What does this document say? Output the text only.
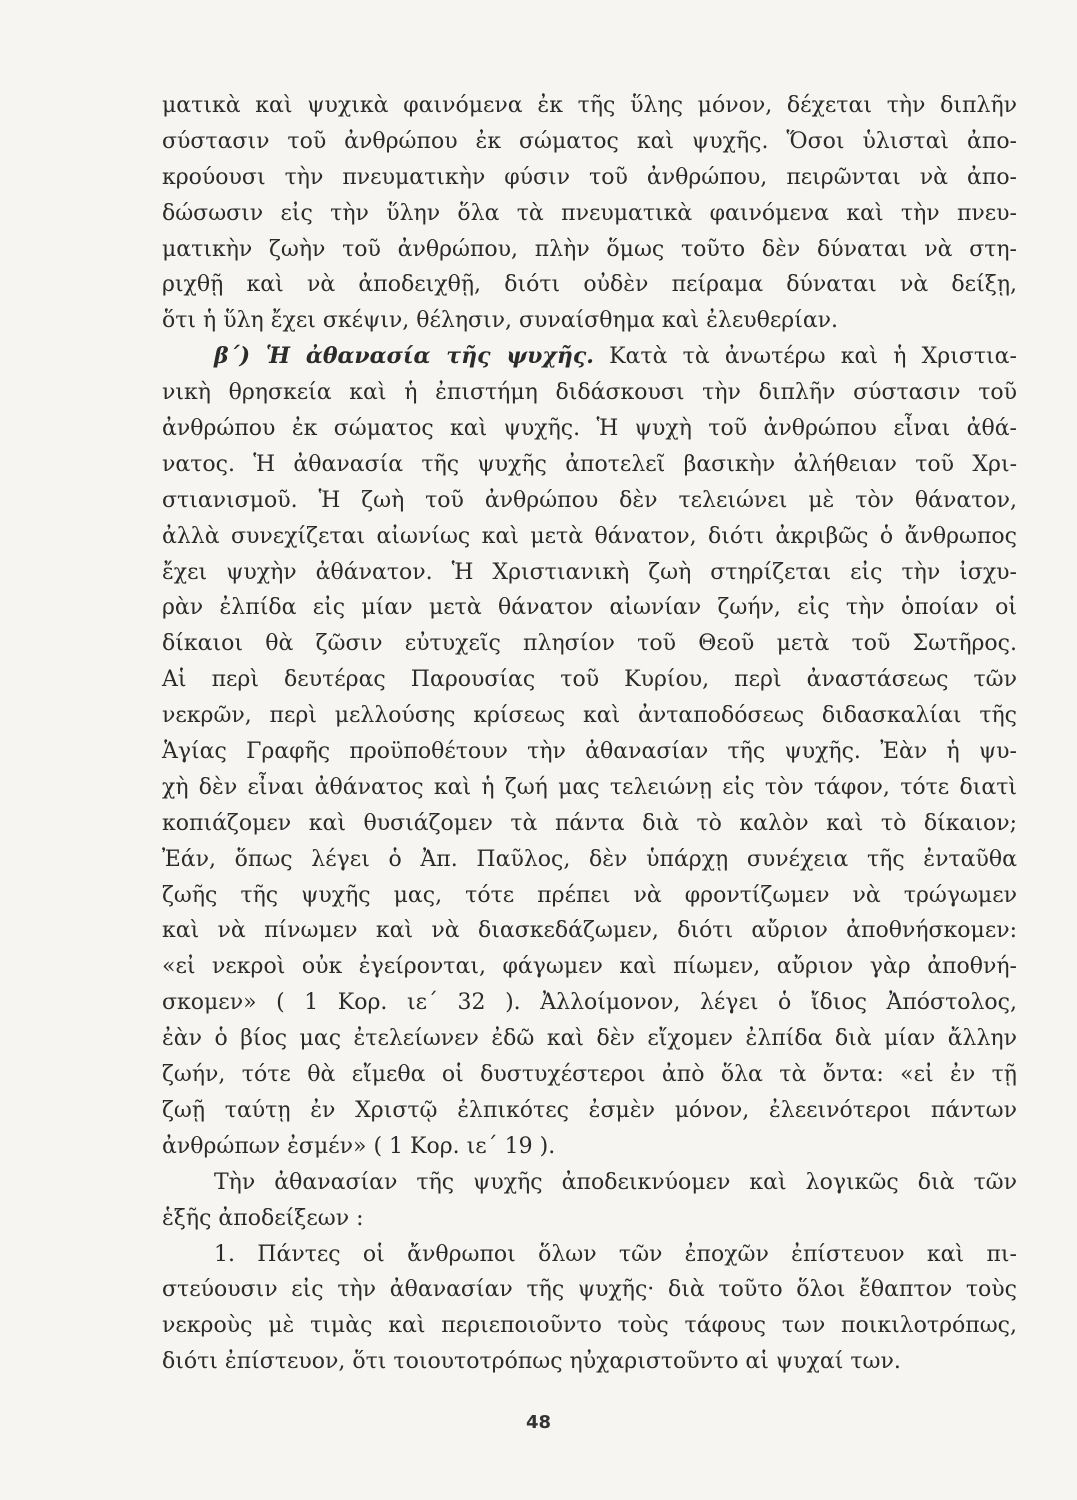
ματικὰ καὶ ψυχικὰ φαινόμενα ἐκ τῆς ὕλης μόνον, δέχεται τὴν διπλῆν
σύστασιν τοῦ ἀνθρώπου ἐκ σώματος καὶ ψυχῆς. Ὅσοι ὑλισταὶ ἀπο-
κρούουσι τὴν πνευματικὴν φύσιν τοῦ ἀνθρώπου, πειρῶνται νὰ ἀπο-
δώσωσιν εἰς τὴν ὕλην ὅλα τὰ πνευματικὰ φαινόμενα καὶ τὴν πνευ-
ματικὴν ζωὴν τοῦ ἀνθρώπου, πλὴν ὅμως τοῦτο δὲν δύναται νὰ στη-
ριχθῇ καὶ νὰ ἀποδειχθῇ, διότι οὐδὲν πείραμα δύναται νὰ δείξῃ,
ὅτι ἡ ὕλη ἔχει σκέψιν, θέλησιν, συναίσθημα καὶ ἐλευθερίαν.
β΄) Ἡ ἀθανασία τῆς ψυχῆς. Κατὰ τὰ ἀνωτέρω καὶ ἡ Χριστια-
νικὴ θρησκεία καὶ ἡ ἐπιστήμη διδάσκουσι τὴν διπλῆν σύστασιν τοῦ
ἀνθρώπου ἐκ σώματος καὶ ψυχῆς. Ἡ ψυχὴ τοῦ ἀνθρώπου εἶναι ἀθά-
νατος. Ἡ ἀθανασία τῆς ψυχῆς ἀποτελεῖ βασικὴν ἀλήθειαν τοῦ Χρι-
στιανισμοῦ. Ἡ ζωὴ τοῦ ἀνθρώπου δὲν τελειώνει μὲ τὸν θάνατον,
ἀλλὰ συνεχίζεται αἰωνίως καὶ μετὰ θάνατον, διότι ἀκριβῶς ὁ ἄνθρωπος
ἔχει ψυχὴν ἀθάνατον. Ἡ Χριστιανικὴ ζωὴ στηρίζεται εἰς τὴν ἰσχυ-
ρὰν ἐλπίδα εἰς μίαν μετὰ θάνατον αἰωνίαν ζωήν, εἰς τὴν ὁποίαν οἱ
δίκαιοι θὰ ζῶσιν εὐτυχεῖς πλησίον τοῦ Θεοῦ μετὰ τοῦ Σωτῆρος.
Αἱ περὶ δευτέρας Παρουσίας τοῦ Κυρίου, περὶ ἀναστάσεως τῶν
νεκρῶν, περὶ μελλούσης κρίσεως καὶ ἀνταποδόσεως διδασκαλίαι τῆς
Ἁγίας Γραφῆς προϋποθέτουν τὴν ἀθανασίαν τῆς ψυχῆς. Ἐὰν ἡ ψυ-
χὴ δὲν εἶναι ἀθάνατος καὶ ἡ ζωή μας τελειώνῃ εἰς τὸν τάφον, τότε διατὶ
κοπιάζομεν καὶ θυσιάζομεν τὰ πάντα διὰ τὸ καλὸν καὶ τὸ δίκαιον;
Ἐάν, ὅπως λέγει ὁ Ἀπ. Παῦλος, δὲν ὑπάρχῃ συνέχεια τῆς ἐνταῦθα
ζωῆς τῆς ψυχῆς μας, τότε πρέπει νὰ φροντίζωμεν νὰ τρώγωμεν
καὶ νὰ πίνωμεν καὶ νὰ διασκεδάζωμεν, διότι αὔριον ἀποθνήσκομεν:
«εἰ νεκροὶ οὐκ ἐγείρονται, φάγωμεν καὶ πίωμεν, αὔριον γὰρ ἀποθνή-
σκομεν» ( 1 Κορ. ιε΄ 32 ). Ἀλλοίμονον, λέγει ὁ ἴδιος Ἀπόστολος,
ἐὰν ὁ βίος μας ἐτελείωνεν ἐδῶ καὶ δὲν εἴχομεν ἐλπίδα διὰ μίαν ἄλλην
ζωήν, τότε θὰ εἴμεθα οἱ δυστυχέστεροι ἀπὸ ὅλα τὰ ὄντα: «εἰ ἐν τῇ
ζωῇ ταύτῃ ἐν Χριστῷ ἐλπικότες ἐσμὲν μόνον, ἐλεεινότεροι πάντων
ἀνθρώπων ἐσμέν» ( 1 Κορ. ιε΄ 19 ).
Τὴν ἀθανασίαν τῆς ψυχῆς ἀποδεικνύομεν καὶ λογικῶς διὰ τῶν
ἑξῆς ἀποδείξεων :
1. Πάντες οἱ ἄνθρωποι ὅλων τῶν ἐποχῶν ἐπίστευον καὶ πι-
στεύουσιν εἰς τὴν ἀθανασίαν τῆς ψυχῆς· διὰ τοῦτο ὅλοι ἔθαπτον τοὺς
νεκροὺς μὲ τιμὰς καὶ περιεποιοῦντο τοὺς τάφους των ποικιλοτρόπως,
διότι ἐπίστευον, ὅτι τοιουτοτρόπως ηὐχαριστοῦντο αἱ ψυχαί των.
48
